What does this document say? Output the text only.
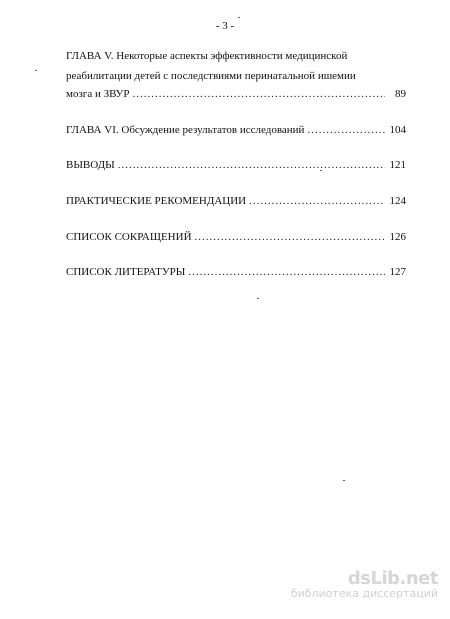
- 3 -
ГЛАВА V. Некоторые аспекты эффективности медицинской
реабилитации детей с последствиями перинатальной ишемии
мозга и ЗВУР .....	89
ГЛАВА VI. Обсуждение результатов исследований .....	104
ВЫВОДЫ .....	121
ПРАКТИЧЕСКИЕ РЕКОМЕНДАЦИИ .....	124
СПИСОК СОКРАЩЕНИЙ .....	126
СПИСОК ЛИТЕРАТУРЫ .....	127
dsLib.net
библиотека диссертаций
